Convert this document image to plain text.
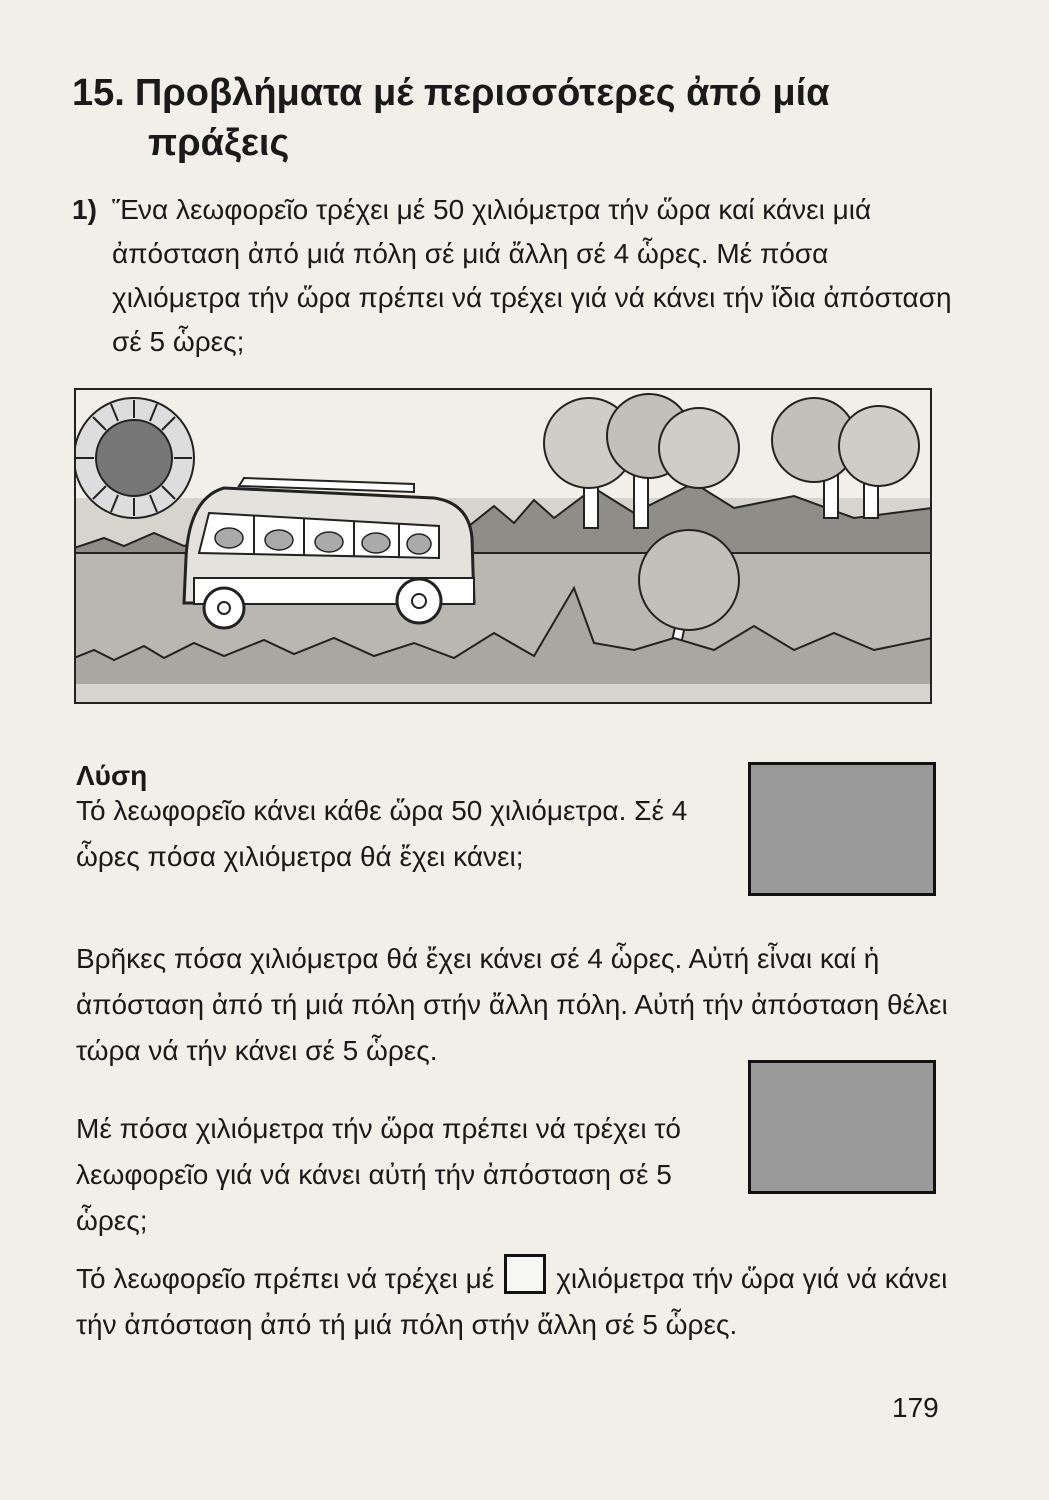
15. Προβλήματα μέ περισσότερες ἀπό μία
πράξεις
1) Ἕνα λεωφορεῖο τρέχει μέ 50 χιλιόμετρα τήν ὥρα καί κάνει μιά ἀπόσταση ἀπό μιά πόλη σέ μιά ἄλλη σέ 4 ὧρες. Μέ πόσα χιλιόμετρα τήν ὥρα πρέπει νά τρέχει γιά νά κάνει τήν ἴδια ἀπόσταση σέ 5 ὧρες;
Λύση
Τό λεωφορεῖο κάνει κάθε ὥρα 50 χιλιόμετρα. Σέ 4 ὧρες πόσα χιλιόμετρα θά ἔχει κάνει;
Βρῆκες πόσα χιλιόμετρα θά ἔχει κάνει σέ 4 ὧρες. Αὐτή εἶναι καί ἡ ἀπόσταση ἀπό τή μιά πόλη στήν ἄλλη πόλη. Αὐτή τήν ἀπόσταση θέλει τώρα νά τήν κάνει σέ 5 ὧρες.
Μέ πόσα χιλιόμετρα τήν ὥρα πρέπει νά τρέχει τό λεωφορεῖο γιά νά κάνει αὐτή τήν ἀπόσταση σέ 5 ὧρες;
Τό λεωφορεῖο πρέπει νά τρέχει μέ χιλιόμετρα τήν ὥρα γιά νά κάνει τήν ἀπόσταση ἀπό τή μιά πόλη στήν ἄλλη σέ 5 ὧρες.
179
